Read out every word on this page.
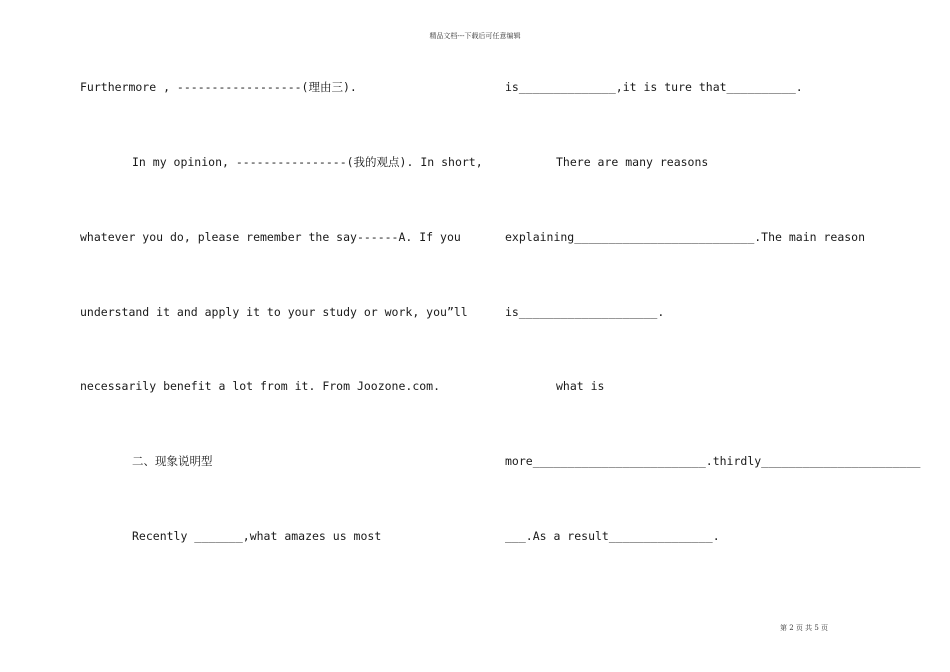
精品文档---下载后可任意编辑
Furthermore , ------------------(理由三).
In my opinion, ----------------(我的观点). In short,
whatever you do, please remember the say------A. If you
understand it and apply it to your study or work, you”ll
necessarily benefit a lot from it. From Joozone.com.
二、现象说明型
Recently _______,what amazes us most
is______________,it is ture that__________.
There are many reasons
explaining__________________________.The main reason
is____________________.
what is
more_________________________.thirdly_______________________
___.As a result_______________.
第 2 页 共 5 页
